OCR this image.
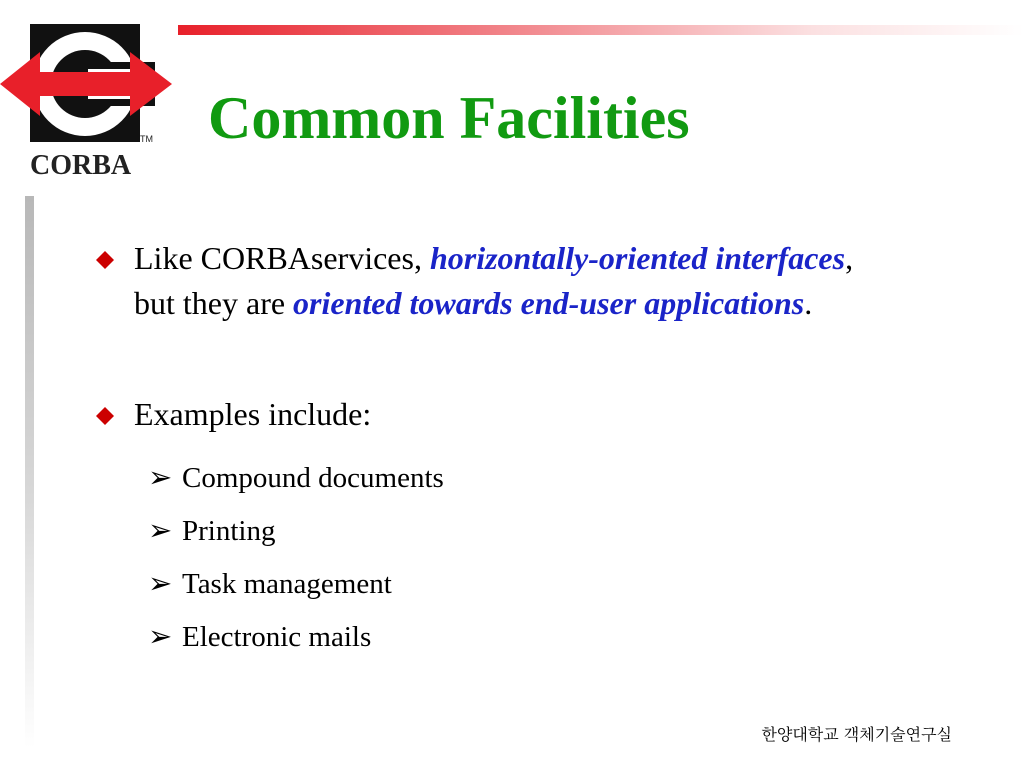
CORBA
TM Common Facilities
Like CORBAservices, horizontally-oriented interfaces, but they are oriented towards end-user applications.
Examples include:
➢ Compound documents
➢ Printing
➢ Task management
➢ Electronic mails
한양대학교 객체기술연구실
